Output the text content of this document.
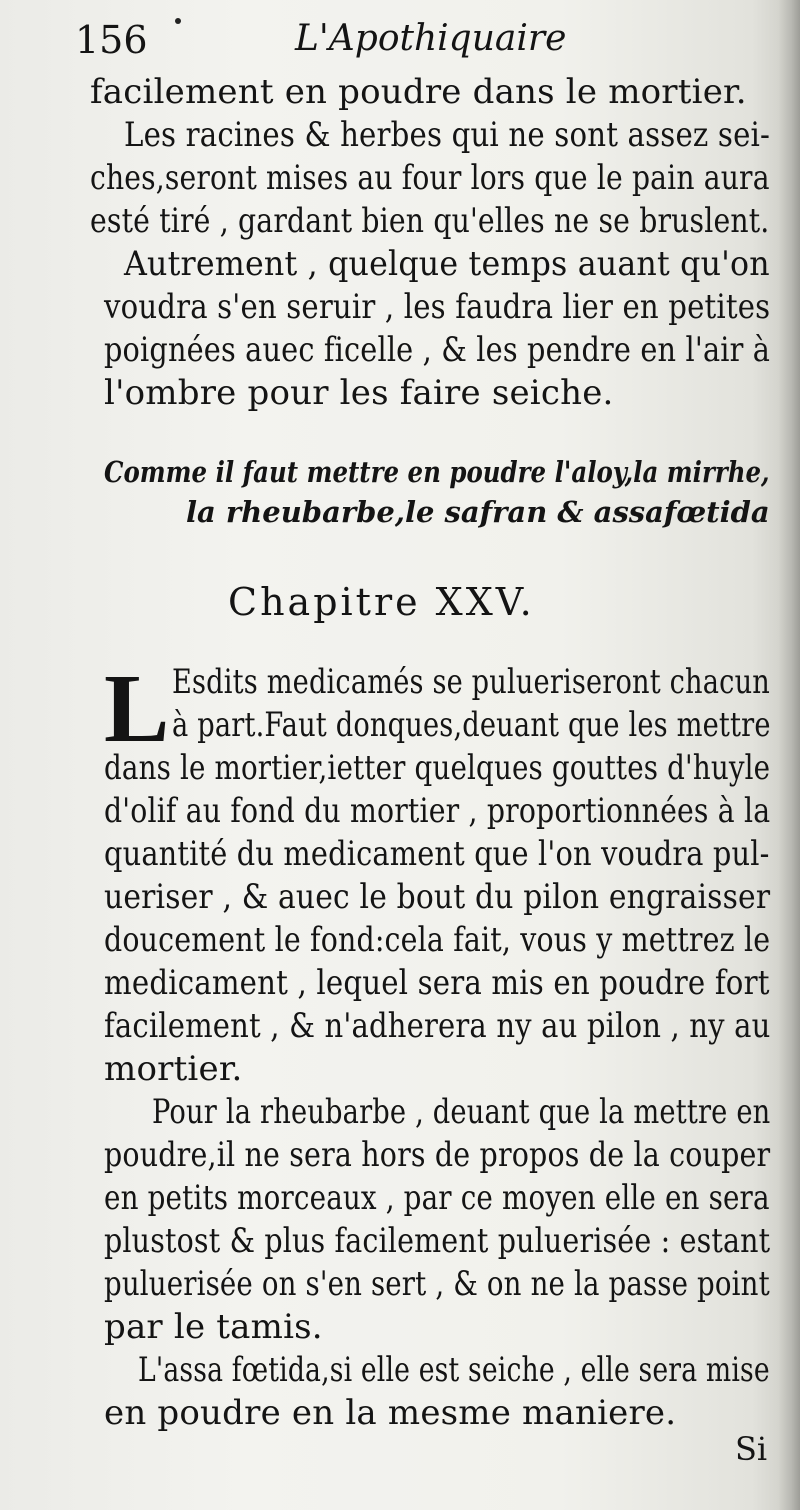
156	L'Apothiquaire
facilement en poudre dans le mortier.
Les racines & herbes qui ne sont assez sei-
ches,seront mises au four lors que le pain aura
esté tiré , gardant bien qu'elles ne se bruslent.
Autrement , quelque temps auant qu'on
voudra s'en seruir , les faudra lier en petites
poignées auec ficelle , & les pendre en l'air à
l'ombre pour les faire seiche.
Comme il faut mettre en poudre l'aloy,la mirrhe,
la rheubarbe,le safran & assafœtida
Chapitre XXV.
L Esdits medicamés se pulueriseront chacun
à part.Faut donques,deuant que les mettre
dans le mortier,ietter quelques gouttes d'huyle
d'olif au fond du mortier , proportionnées à la
quantité du medicament que l'on voudra pul-
ueriser , & auec le bout du pilon engraisser
doucement le fond:cela fait, vous y mettrez le
medicament , lequel sera mis en poudre fort
facilement , & n'adherera ny au pilon , ny au
mortier.
Pour la rheubarbe , deuant que la mettre en
poudre,il ne sera hors de propos de la couper
en petits morceaux , par ce moyen elle en sera
plustost & plus facilement puluerisée : estant
puluerisée on s'en sert , & on ne la passe point
par le tamis.
L'assa fœtida,si elle est seiche , elle sera mise
en poudre en la mesme maniere.
Si
